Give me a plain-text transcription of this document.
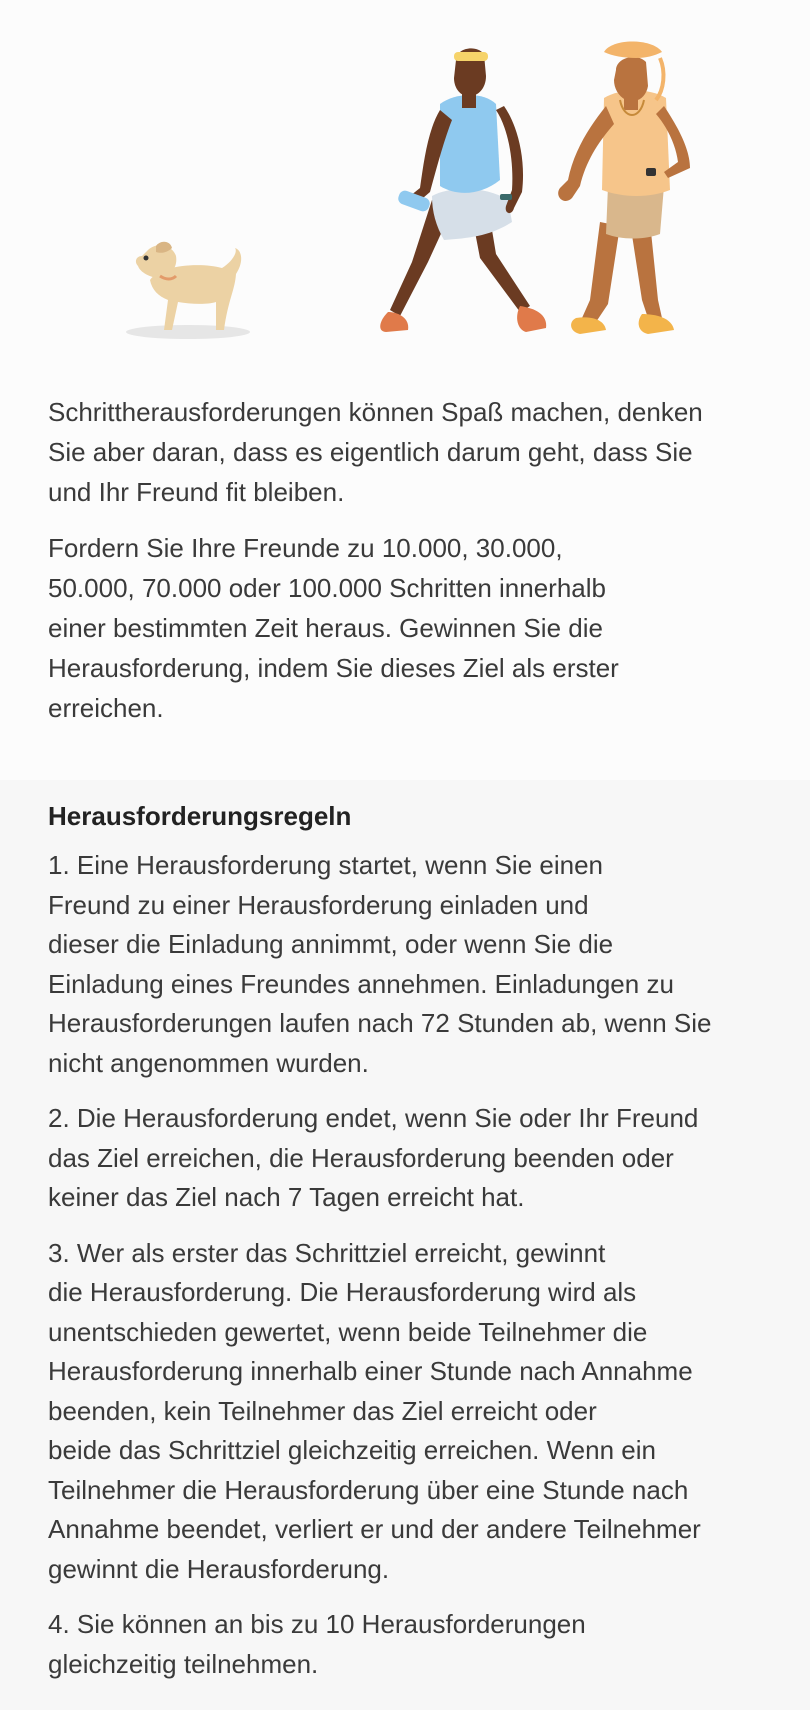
Schrittherausforderungen können Spaß machen, denken
Sie aber daran, dass es eigentlich darum geht, dass Sie
und Ihr Freund fit bleiben.

Fordern Sie Ihre Freunde zu 10.000, 30.000,
50.000, 70.000 oder 100.000 Schritten innerhalb
einer bestimmten Zeit heraus. Gewinnen Sie die
Herausforderung, indem Sie dieses Ziel als erster
erreichen.

Herausforderungsregeln

1. Eine Herausforderung startet, wenn Sie einen
Freund zu einer Herausforderung einladen und
dieser die Einladung annimmt, oder wenn Sie die
Einladung eines Freundes annehmen. Einladungen zu
Herausforderungen laufen nach 72 Stunden ab, wenn Sie
nicht angenommen wurden.

2. Die Herausforderung endet, wenn Sie oder Ihr Freund
das Ziel erreichen, die Herausforderung beenden oder
keiner das Ziel nach 7 Tagen erreicht hat.

3. Wer als erster das Schrittziel erreicht, gewinnt
die Herausforderung. Die Herausforderung wird als
unentschieden gewertet, wenn beide Teilnehmer die
Herausforderung innerhalb einer Stunde nach Annahme
beenden, kein Teilnehmer das Ziel erreicht oder
beide das Schrittziel gleichzeitig erreichen. Wenn ein
Teilnehmer die Herausforderung über eine Stunde nach
Annahme beendet, verliert er und der andere Teilnehmer
gewinnt die Herausforderung.

4. Sie können an bis zu 10 Herausforderungen
gleichzeitig teilnehmen.
